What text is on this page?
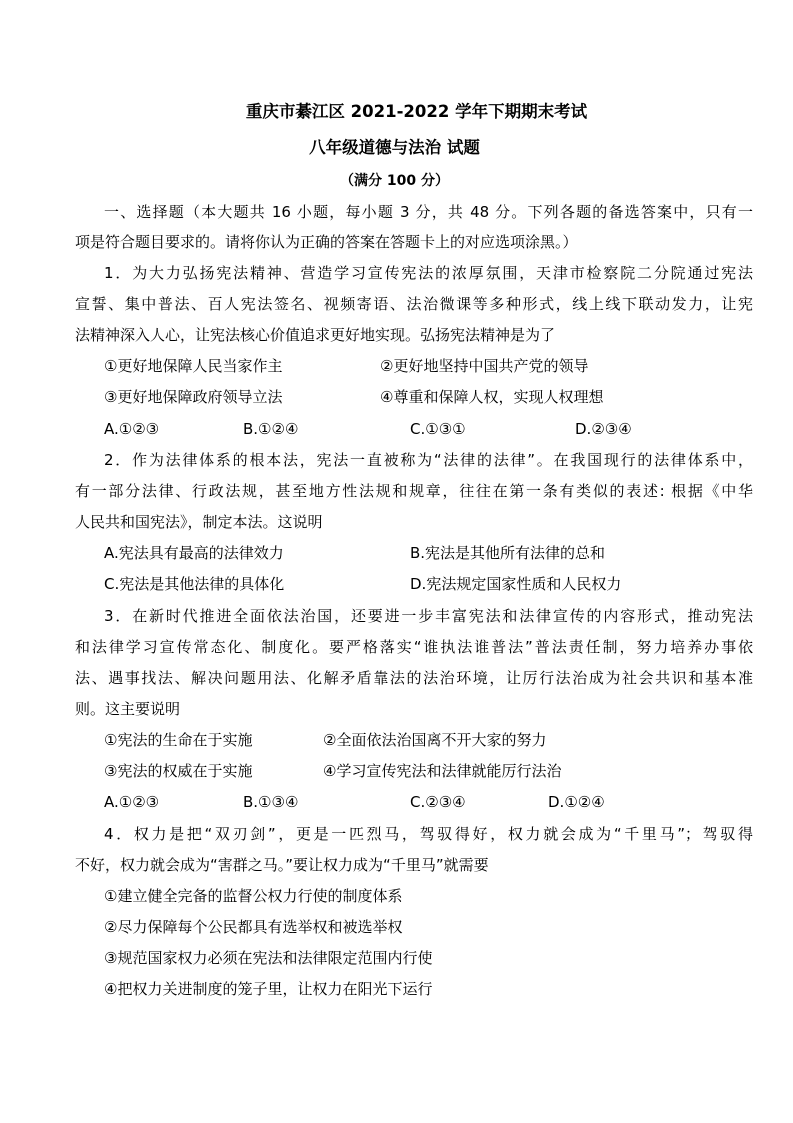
重庆市綦江区 2021-2022 学年下期期末考试
八年级道德与法治 试题
（满分 100 分）
一、选择题（本大题共 16 小题，每小题 3 分，共 48 分。下列各题的备选答案中，只有一
项是符合题目要求的。请将你认为正确的答案在答题卡上的对应选项涂黑。）
1．为大力弘扬宪法精神、营造学习宣传宪法的浓厚氛围，天津市检察院二分院通过宪法
宣誓、集中普法、百人宪法签名、视频寄语、法治微课等多种形式，线上线下联动发力，让宪
法精神深入人心，让宪法核心价值追求更好地实现。弘扬宪法精神是为了
①更好地保障人民当家作主	②更好地坚持中国共产党的领导
③更好地保障政府领导立法	④尊重和保障人权，实现人权理想
A.①②③	B.①②④	C.①③①	D.②③④
2．作为法律体系的根本法，宪法一直被称为“法律的法律”。在我国现行的法律体系中，
有一部分法律、行政法规，甚至地方性法规和规章，往往在第一条有类似的表述: 根据《中华
人民共和国宪法》，制定本法。这说明
A.宪法具有最高的法律效力	B.宪法是其他所有法律的总和
C.宪法是其他法律的具体化	D.宪法规定国家性质和人民权力
3．在新时代推进全面依法治国，还要进一步丰富宪法和法律宣传的内容形式，推动宪法
和法律学习宣传常态化、制度化。要严格落实“谁执法谁普法”普法责任制，努力培养办事依
法、遇事找法、解决问题用法、化解矛盾靠法的法治环境，让厉行法治成为社会共识和基本准
则。这主要说明
①宪法的生命在于实施	②全面依法治国离不开大家的努力
③宪法的权威在于实施	④学习宣传宪法和法律就能厉行法治
A.①②③	B.①③④	C.②③④	D.①②④
4．权力是把“双刃剑”，更是一匹烈马，驾驭得好，权力就会成为“千里马”；驾驭得
不好，权力就会成为“害群之马。”要让权力成为“千里马”就需要
①建立健全完备的监督公权力行使的制度体系
②尽力保障每个公民都具有选举权和被选举权
③规范国家权力必须在宪法和法律限定范围内行使
④把权力关进制度的笼子里，让权力在阳光下运行
